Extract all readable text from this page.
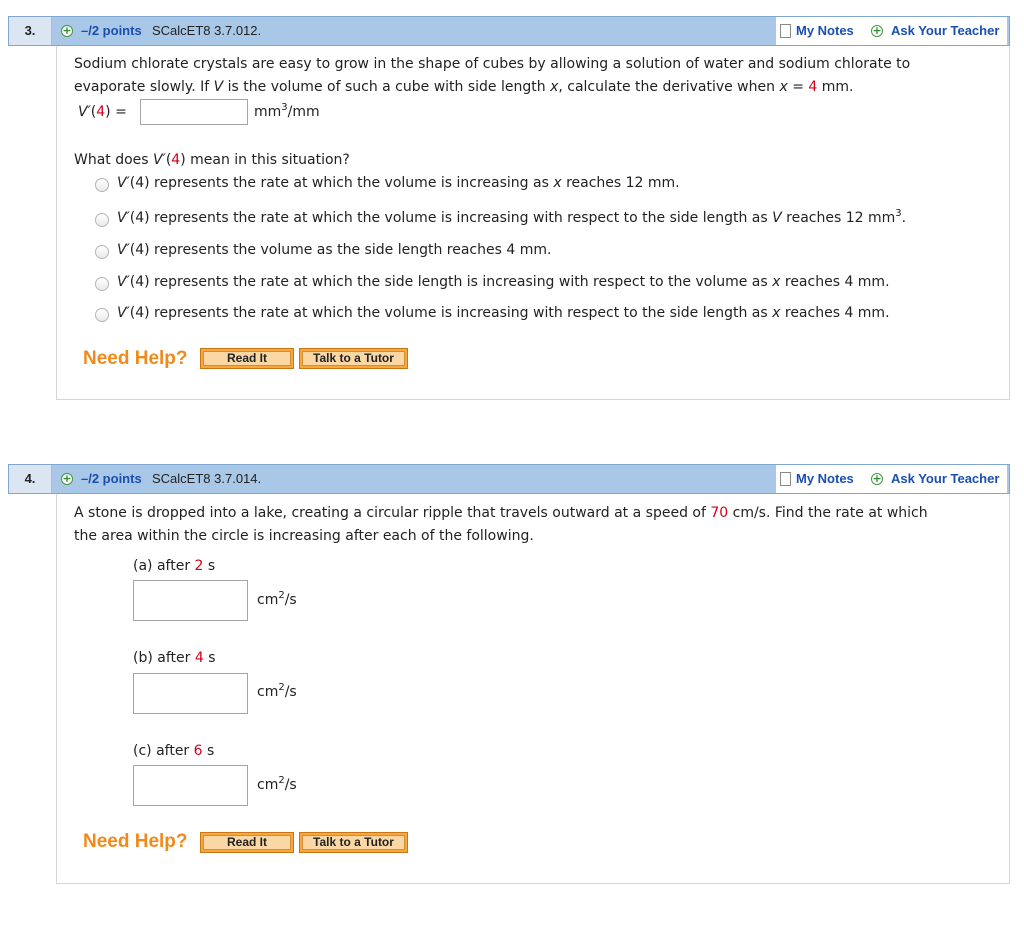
3.	+ –/2 points SCalcET8 3.7.012.	My Notes + Ask Your Teacher
Sodium chlorate crystals are easy to grow in the shape of cubes by allowing a solution of water and sodium chlorate to
evaporate slowly. If V is the volume of such a cube with side length x, calculate the derivative when x = 4 mm.
V′(4) =	$mm^3/mm$
What does V′(4) mean in this situation?
V′(4) represents the rate at which the volume is increasing as x reaches 12 mm.
V′(4) represents the rate at which the volume is increasing with respect to the side length as V reaches 12 $mm^3$.
V′(4) represents the volume as the side length reaches 4 mm.
V′(4) represents the rate at which the side length is increasing with respect to the volume as x reaches 4 mm.
V′(4) represents the rate at which the volume is increasing with respect to the side length as x reaches 4 mm.
Need Help?	Read It	Talk to a Tutor
4.	+ –/2 points SCalcET8 3.7.014.	My Notes + Ask Your Teacher
A stone is dropped into a lake, creating a circular ripple that travels outward at a speed of 70 cm/s. Find the rate at which
the area within the circle is increasing after each of the following.
(a) after 2 s
$cm^2/s$
(b) after 4 s
$cm^2/s$
(c) after 6 s
$cm^2/s$
Need Help?	Read It	Talk to a Tutor
